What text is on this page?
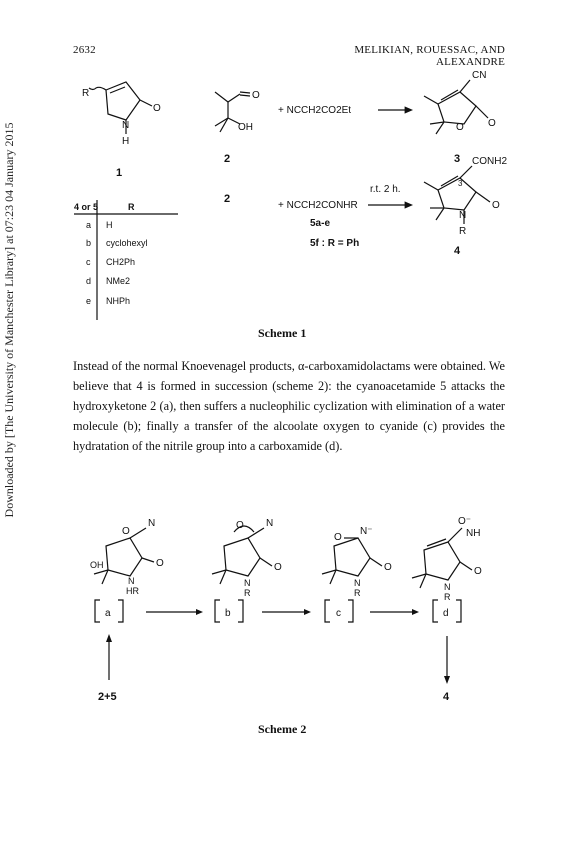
Downloaded by [The University of Manchester Library] at 07:23 04 January 2015
2632	MELIKIAN, ROUESSAC, AND ALEXANDRE
R
N
H
O
O
OH
CN
O O
CONH2
3
O
N
R
1
2
2
3
4
+ NCCH2CO2Et
+ NCCH2CONHR
r.t. 2 h.
5a-e
5f : R = Ph
4 or 5	R
a H
b cyclohexyl
c CH2Ph
d NMe2
e NHPh
Scheme 1

Instead of the normal Knoevenagel products, α-carboxamidolactams were obtained. We believe that 4 is formed in succession (scheme 2): the cyanoacetamide 5 attacks the hydroxyketone 2 (a), then suffers a nucleophilic cyclization with elimination of a water molecule (b); finally a transfer of the alcoolate oxygen to cyanide (c) provides the hydratation of the nitrile group into a carboxamide (d).

O
N
O
OH
N
HR
O N
O
N
R
O
N⁻
O
N
R
O⁻
NH
O
N
R
a	b	c	d
2+5	4
Scheme 2
